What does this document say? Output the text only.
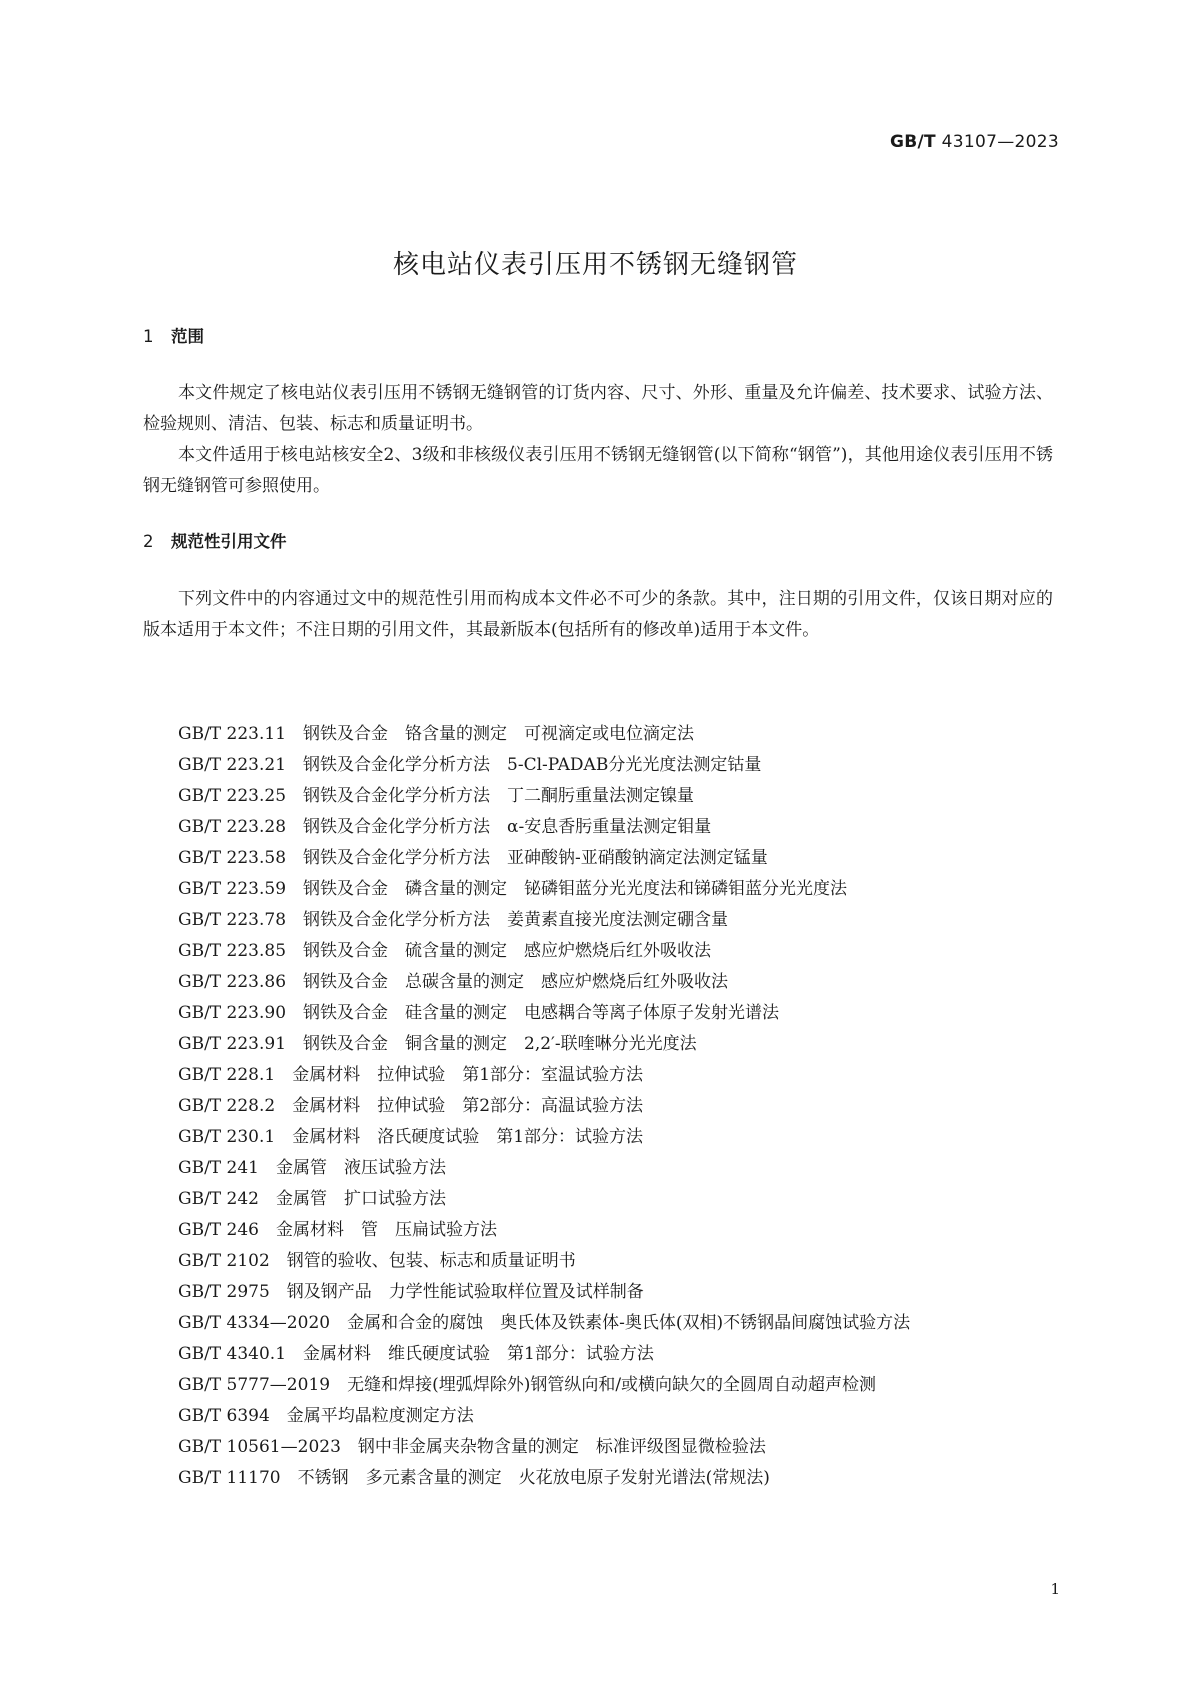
GB/T 43107—2023
核电站仪表引压用不锈钢无缝钢管
1 范围

本文件规定了核电站仪表引压用不锈钢无缝钢管的订货内容、尺寸、外形、重量及允许偏差、技术要求、试验方法、检验规则、清洁、包装、标志和质量证明书。

本文件适用于核电站核安全2、3级和非核级仪表引压用不锈钢无缝钢管(以下简称“钢管”)，其他用途仪表引压用不锈钢无缝钢管可参照使用。

2 规范性引用文件

下列文件中的内容通过文中的规范性引用而构成本文件必不可少的条款。其中，注日期的引用文件，仅该日期对应的版本适用于本文件；不注日期的引用文件，其最新版本(包括所有的修改单)适用于本文件。

GB/T 223.11　钢铁及合金　铬含量的测定　可视滴定或电位滴定法
GB/T 223.21　钢铁及合金化学分析方法　5-Cl-PADAB分光光度法测定钴量
GB/T 223.25　钢铁及合金化学分析方法　丁二酮肟重量法测定镍量
GB/T 223.28　钢铁及合金化学分析方法　α-安息香肟重量法测定钼量
GB/T 223.58　钢铁及合金化学分析方法　亚砷酸钠-亚硝酸钠滴定法测定锰量
GB/T 223.59　钢铁及合金　磷含量的测定　铋磷钼蓝分光光度法和锑磷钼蓝分光光度法
GB/T 223.78　钢铁及合金化学分析方法　姜黄素直接光度法测定硼含量
GB/T 223.85　钢铁及合金　硫含量的测定　感应炉燃烧后红外吸收法
GB/T 223.86　钢铁及合金　总碳含量的测定　感应炉燃烧后红外吸收法
GB/T 223.90　钢铁及合金　硅含量的测定　电感耦合等离子体原子发射光谱法
GB/T 223.91　钢铁及合金　铜含量的测定　2,2′-联喹啉分光光度法
GB/T 228.1　金属材料　拉伸试验　第1部分：室温试验方法
GB/T 228.2　金属材料　拉伸试验　第2部分：高温试验方法
GB/T 230.1　金属材料　洛氏硬度试验　第1部分：试验方法
GB/T 241　金属管　液压试验方法
GB/T 242　金属管　扩口试验方法
GB/T 246　金属材料　管　压扁试验方法
GB/T 2102　钢管的验收、包装、标志和质量证明书
GB/T 2975　钢及钢产品　力学性能试验取样位置及试样制备
GB/T 4334—2020　金属和合金的腐蚀　奥氏体及铁素体-奥氏体(双相)不锈钢晶间腐蚀试验方法
GB/T 4340.1　金属材料　维氏硬度试验　第1部分：试验方法
GB/T 5777—2019　无缝和焊接(埋弧焊除外)钢管纵向和/或横向缺欠的全圆周自动超声检测
GB/T 6394　金属平均晶粒度测定方法
GB/T 10561—2023　钢中非金属夹杂物含量的测定　标准评级图显微检验法
GB/T 11170　不锈钢　多元素含量的测定　火花放电原子发射光谱法(常规法)
1
